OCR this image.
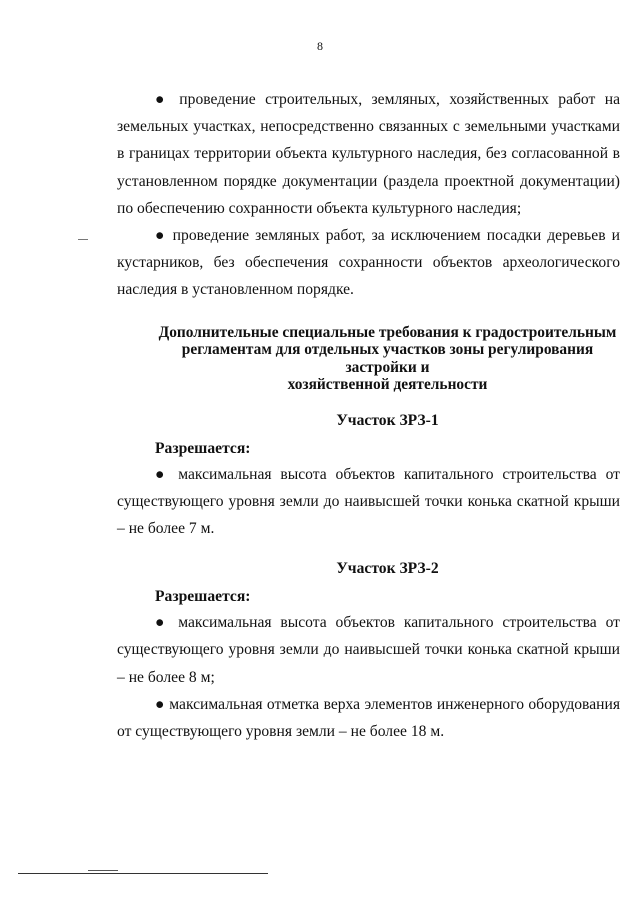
8

● проведение строительных, земляных, хозяйственных работ на земельных участках, непосредственно связанных с земельными участками в границах территории объекта культурного наследия, без согласованной в установленном порядке документации (раздела проектной документации) по обеспечению сохранности объекта культурного наследия;

● проведение земляных работ, за исключением посадки деревьев и кустарников, без обеспечения сохранности объектов археологического наследия в установленном порядке.

Дополнительные специальные требования к градостроительным
регламентам для отдельных участков зоны регулирования застройки и
хозяйственной деятельности
Участок ЗРЗ-1
Разрешается:

● максимальная высота объектов капитального строительства от существующего уровня земли до наивысшей точки конька скатной крыши – не более 7 м.

Участок ЗРЗ-2
Разрешается:

● максимальная высота объектов капитального строительства от существующего уровня земли до наивысшей точки конька скатной крыши – не более 8 м;

● максимальная отметка верха элементов инженерного оборудования от существующего уровня земли – не более 18 м.
